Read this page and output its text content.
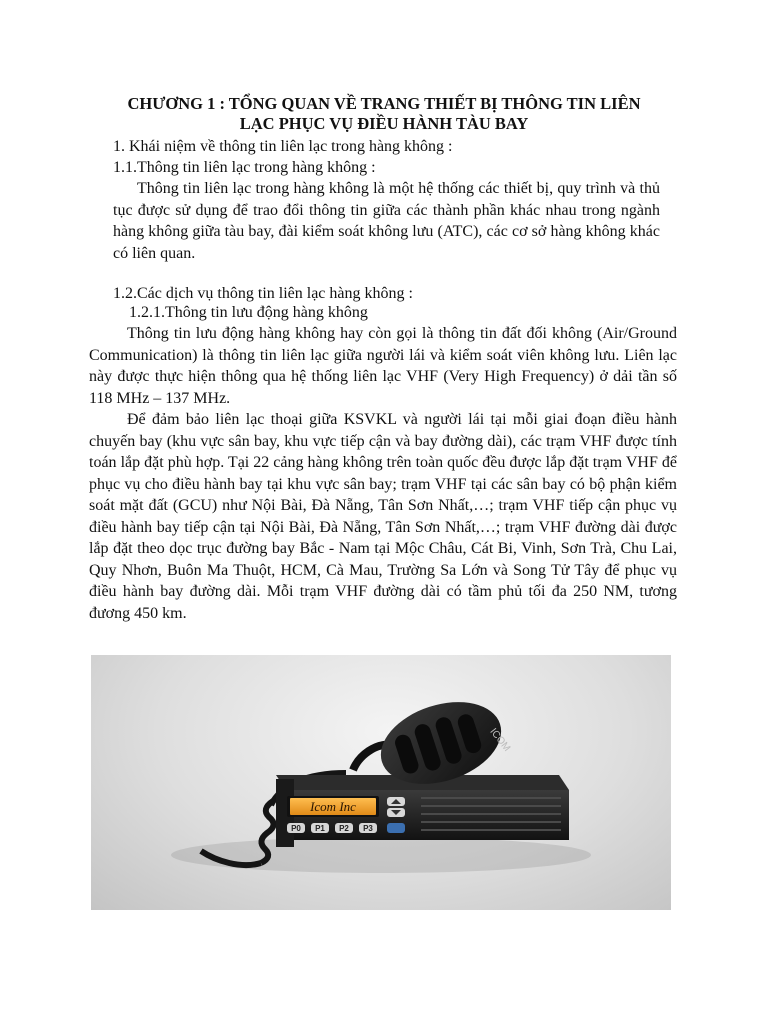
CHƯƠNG 1 : TỔNG QUAN VỀ TRANG THIẾT BỊ THÔNG TIN LIÊN
LẠC PHỤC VỤ ĐIỀU HÀNH TÀU BAY
1. Khái niệm về thông tin liên lạc trong hàng không :
1.1.Thông tin liên lạc trong hàng không :
Thông tin liên lạc trong hàng không là một hệ thống các thiết bị, quy trình và thủ tục được sử dụng để trao đổi thông tin giữa các thành phần khác nhau trong ngành hàng không giữa tàu bay, đài kiểm soát không lưu (ATC), các cơ sở hàng không khác có liên quan.
1.2.Các dịch vụ thông tin liên lạc hàng không :
1.2.1.Thông tin lưu động hàng không
Thông tin lưu động hàng không hay còn gọi là thông tin đất đối không (Air/Ground Communication) là thông tin liên lạc giữa người lái và kiểm soát viên không lưu. Liên lạc này được thực hiện thông qua hệ thống liên lạc VHF (Very High Frequency) ở dải tần số 118 MHz – 137 MHz.
Để đảm bảo liên lạc thoại giữa KSVKL và người lái tại mỗi giai đoạn điều hành chuyến bay (khu vực sân bay, khu vực tiếp cận và bay đường dài), các trạm VHF được tính toán lắp đặt phù hợp. Tại 22 cảng hàng không trên toàn quốc đều được lắp đặt trạm VHF để phục vụ cho điều hành bay tại khu vực sân bay; trạm VHF tại các sân bay có bộ phận kiểm soát mặt đất (GCU) như Nội Bài, Đà Nẵng, Tân Sơn Nhất,…; trạm VHF tiếp cận phục vụ điều hành bay tiếp cận tại Nội Bài, Đà Nẵng, Tân Sơn Nhất,…; trạm VHF đường dài được lắp đặt theo dọc trục đường bay Bắc - Nam tại Mộc Châu, Cát Bi, Vinh, Sơn Trà, Chu Lai, Quy Nhơn, Buôn Ma Thuột, HCM, Cà Mau, Trường Sa Lớn và Song Tử Tây để phục vụ điều hành bay đường dài. Mỗi trạm VHF đường dài có tầm phủ tối đa 250 NM, tương đương 450 km.
Icom Inc
P0 P1 P2 P3
ICOM
